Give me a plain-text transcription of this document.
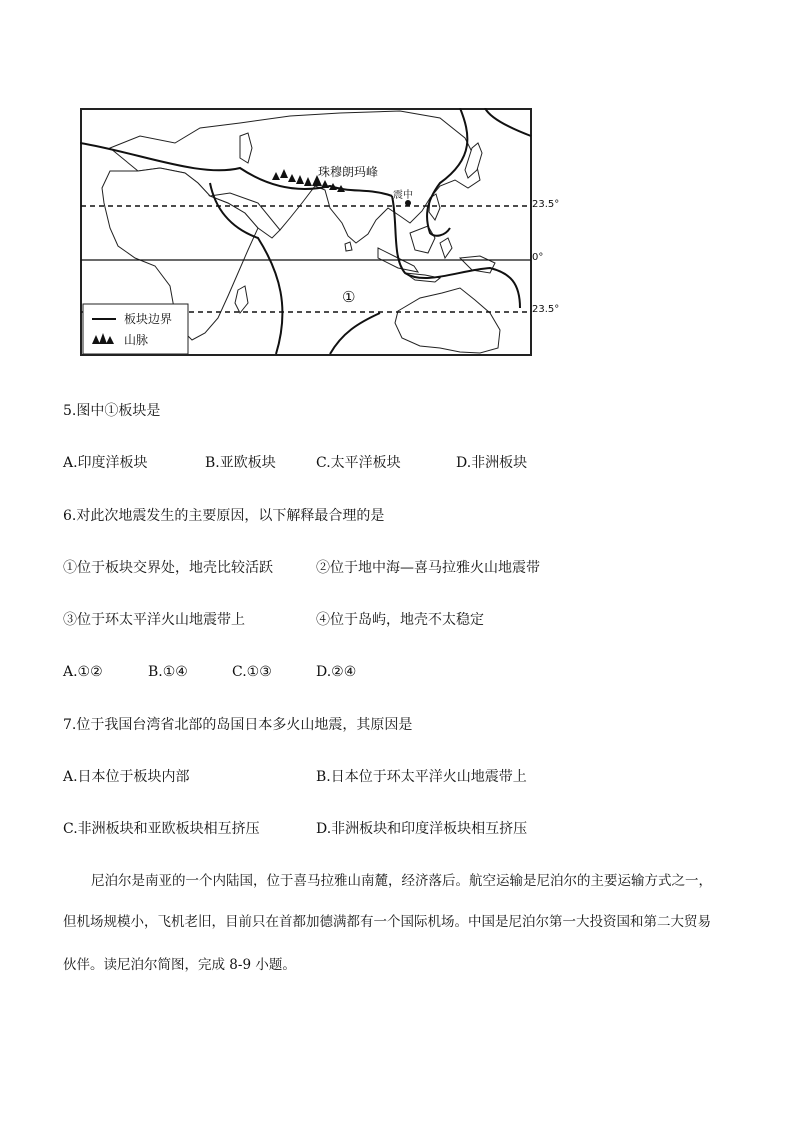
珠穆朗玛峰
震中
①
板块边界
山脉
23.5°
0°
23.5°
5.图中①板块是
A.印度洋板块	B.亚欧板块	C.太平洋板块	D.非洲板块
6.对此次地震发生的主要原因，以下解释最合理的是
①位于板块交界处，地壳比较活跃	②位于地中海—喜马拉雅火山地震带
③位于环太平洋火山地震带上	④位于岛屿，地壳不太稳定
A.①②	B.①④	C.①③	D.②④
7.位于我国台湾省北部的岛国日本多火山地震，其原因是
A.日本位于板块内部	B.日本位于环太平洋火山地震带上
C.非洲板块和亚欧板块相互挤压	D.非洲板块和印度洋板块相互挤压
尼泊尔是南亚的一个内陆国，位于喜马拉雅山南麓，经济落后。航空运输是尼泊尔的主要运输方式之一，
但机场规模小，飞机老旧，目前只在首都加德满都有一个国际机场。中国是尼泊尔第一大投资国和第二大贸易
伙伴。读尼泊尔简图，完成 8-9 小题。
